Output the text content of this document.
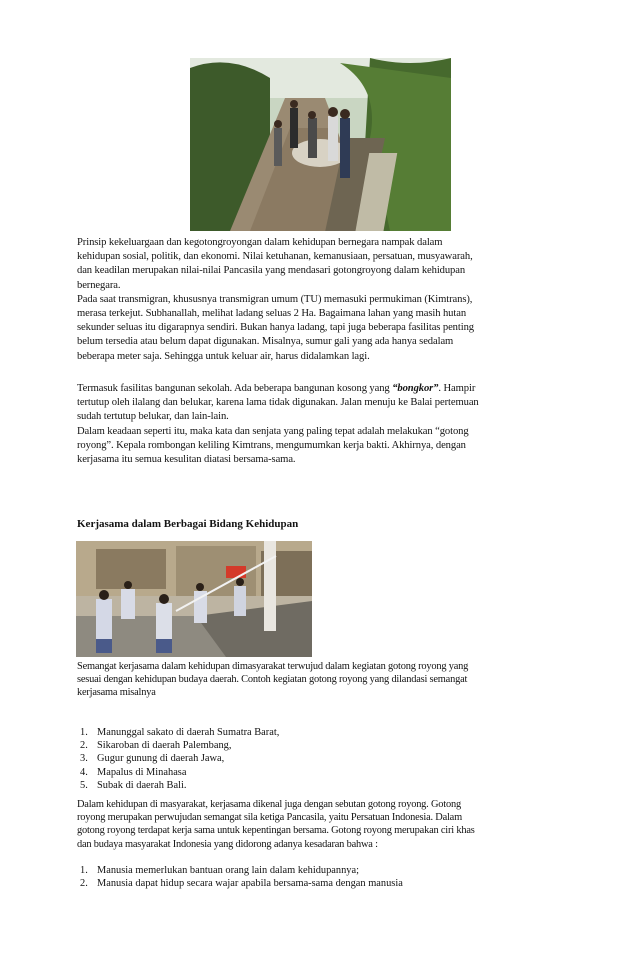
Prinsip kekeluargaan dan kegotongroyongan dalam kehidupan bernegara nampak dalam

kehidupan sosial, politik, dan ekonomi. Nilai ketuhanan, kemanusiaan, persatuan, musyawarah,

dan keadilan merupakan nilai-nilai Pancasila yang mendasari gotongroyong dalam kehidupan

bernegara.

Pada saat transmigran, khususnya transmigran umum (TU) memasuki permukiman (Kimtrans),

merasa terkejut. Subhanallah, melihat ladang seluas 2 Ha. Bagaimana lahan yang masih hutan

sekunder seluas itu digarapnya sendiri. Bukan hanya ladang, tapi juga beberapa fasilitas penting

belum tersedia atau belum dapat digunakan. Misalnya, sumur gali yang ada hanya sedalam

beberapa meter saja. Sehingga untuk keluar air, harus didalamkan lagi.

Termasuk fasilitas bangunan sekolah. Ada beberapa bangunan kosong yang “bongkor”. Hampir

tertutup oleh ilalang dan belukar, karena lama tidak digunakan. Jalan menuju ke Balai pertemuan

sudah tertutup belukar, dan lain-lain.

Dalam keadaan seperti itu, maka kata dan senjata yang paling tepat adalah melakukan “gotong

royong”. Kepala rombongan keliling Kimtrans, mengumumkan kerja bakti. Akhirnya, dengan

kerjasama itu semua kesulitan diatasi bersama-sama.

Kerjasama dalam Berbagai Bidang Kehidupan

Semangat kerjasama dalam kehidupan dimasyarakat terwujud dalam kegiatan gotong royong yang

sesuai dengan kehidupan budaya daerah. Contoh kegiatan gotong royong yang dilandasi semangat

kerjasama misalnya

1. Manunggal sakato di daerah Sumatra Barat,
2. Sikaroban di daerah Palembang,
3. Gugur gunung di daerah Jawa,
4. Mapalus di Minahasa
5. Subak di daerah Bali.

Dalam kehidupan di masyarakat, kerjasama dikenal juga dengan sebutan gotong royong. Gotong

royong merupakan perwujudan semangat sila ketiga Pancasila, yaitu Persatuan Indonesia. Dalam

gotong royong terdapat kerja sama untuk kepentingan bersama. Gotong royong merupakan ciri khas

dan budaya masyarakat Indonesia yang didorong adanya kesadaran bahwa :

1. Manusia memerlukan bantuan orang lain dalam kehidupannya;
2. Manusia dapat hidup secara wajar apabila bersama-sama dengan manusia
